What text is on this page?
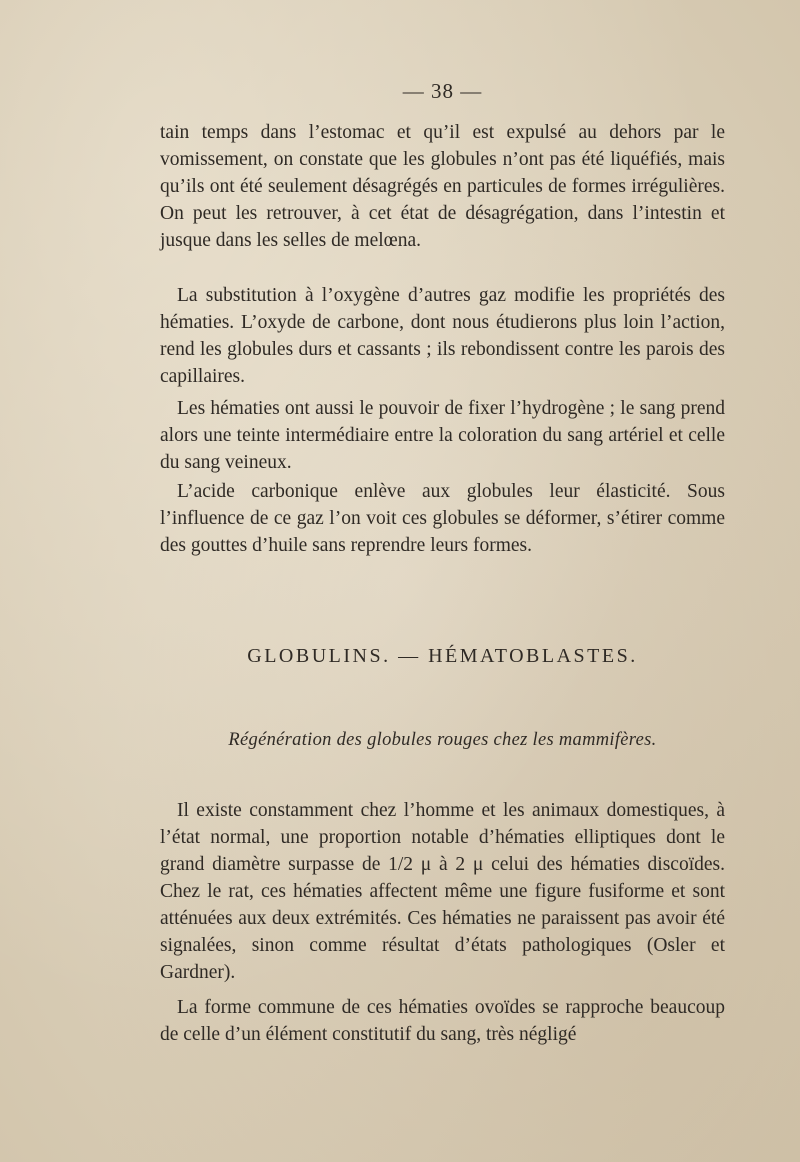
— 38 —

tain temps dans l’estomac et qu’il est expulsé au dehors par le vomissement, on constate que les globules n’ont pas été liquéfiés, mais qu’ils ont été seulement désagrégés en particules de formes irrégulières. On peut les retrouver, à cet état de désagrégation, dans l’intestin et jusque dans les selles de melœna.

La substitution à l’oxygène d’autres gaz modifie les propriétés des hématies. L’oxyde de carbone, dont nous étudierons plus loin l’action, rend les globules durs et cassants ; ils rebondissent contre les parois des capillaires.

Les hématies ont aussi le pouvoir de fixer l’hydrogène ; le sang prend alors une teinte intermédiaire entre la coloration du sang artériel et celle du sang veineux.

L’acide carbonique enlève aux globules leur élasticité. Sous l’influence de ce gaz l’on voit ces globules se déformer, s’étirer comme des gouttes d’huile sans reprendre leurs formes.

GLOBULINS. — HÉMATOBLASTES.
Régénération des globules rouges chez les mammifères.

Il existe constamment chez l’homme et les animaux domestiques, à l’état normal, une proportion notable d’hématies elliptiques dont le grand diamètre surpasse de 1/2 μ à 2 μ celui des hématies discoïdes. Chez le rat, ces hématies affectent même une figure fusiforme et sont atténuées aux deux extrémités. Ces hématies ne paraissent pas avoir été signalées, sinon comme résultat d’états pathologiques (Osler et Gardner).

La forme commune de ces hématies ovoïdes se rapproche beaucoup de celle d’un élément constitutif du sang, très négligé
